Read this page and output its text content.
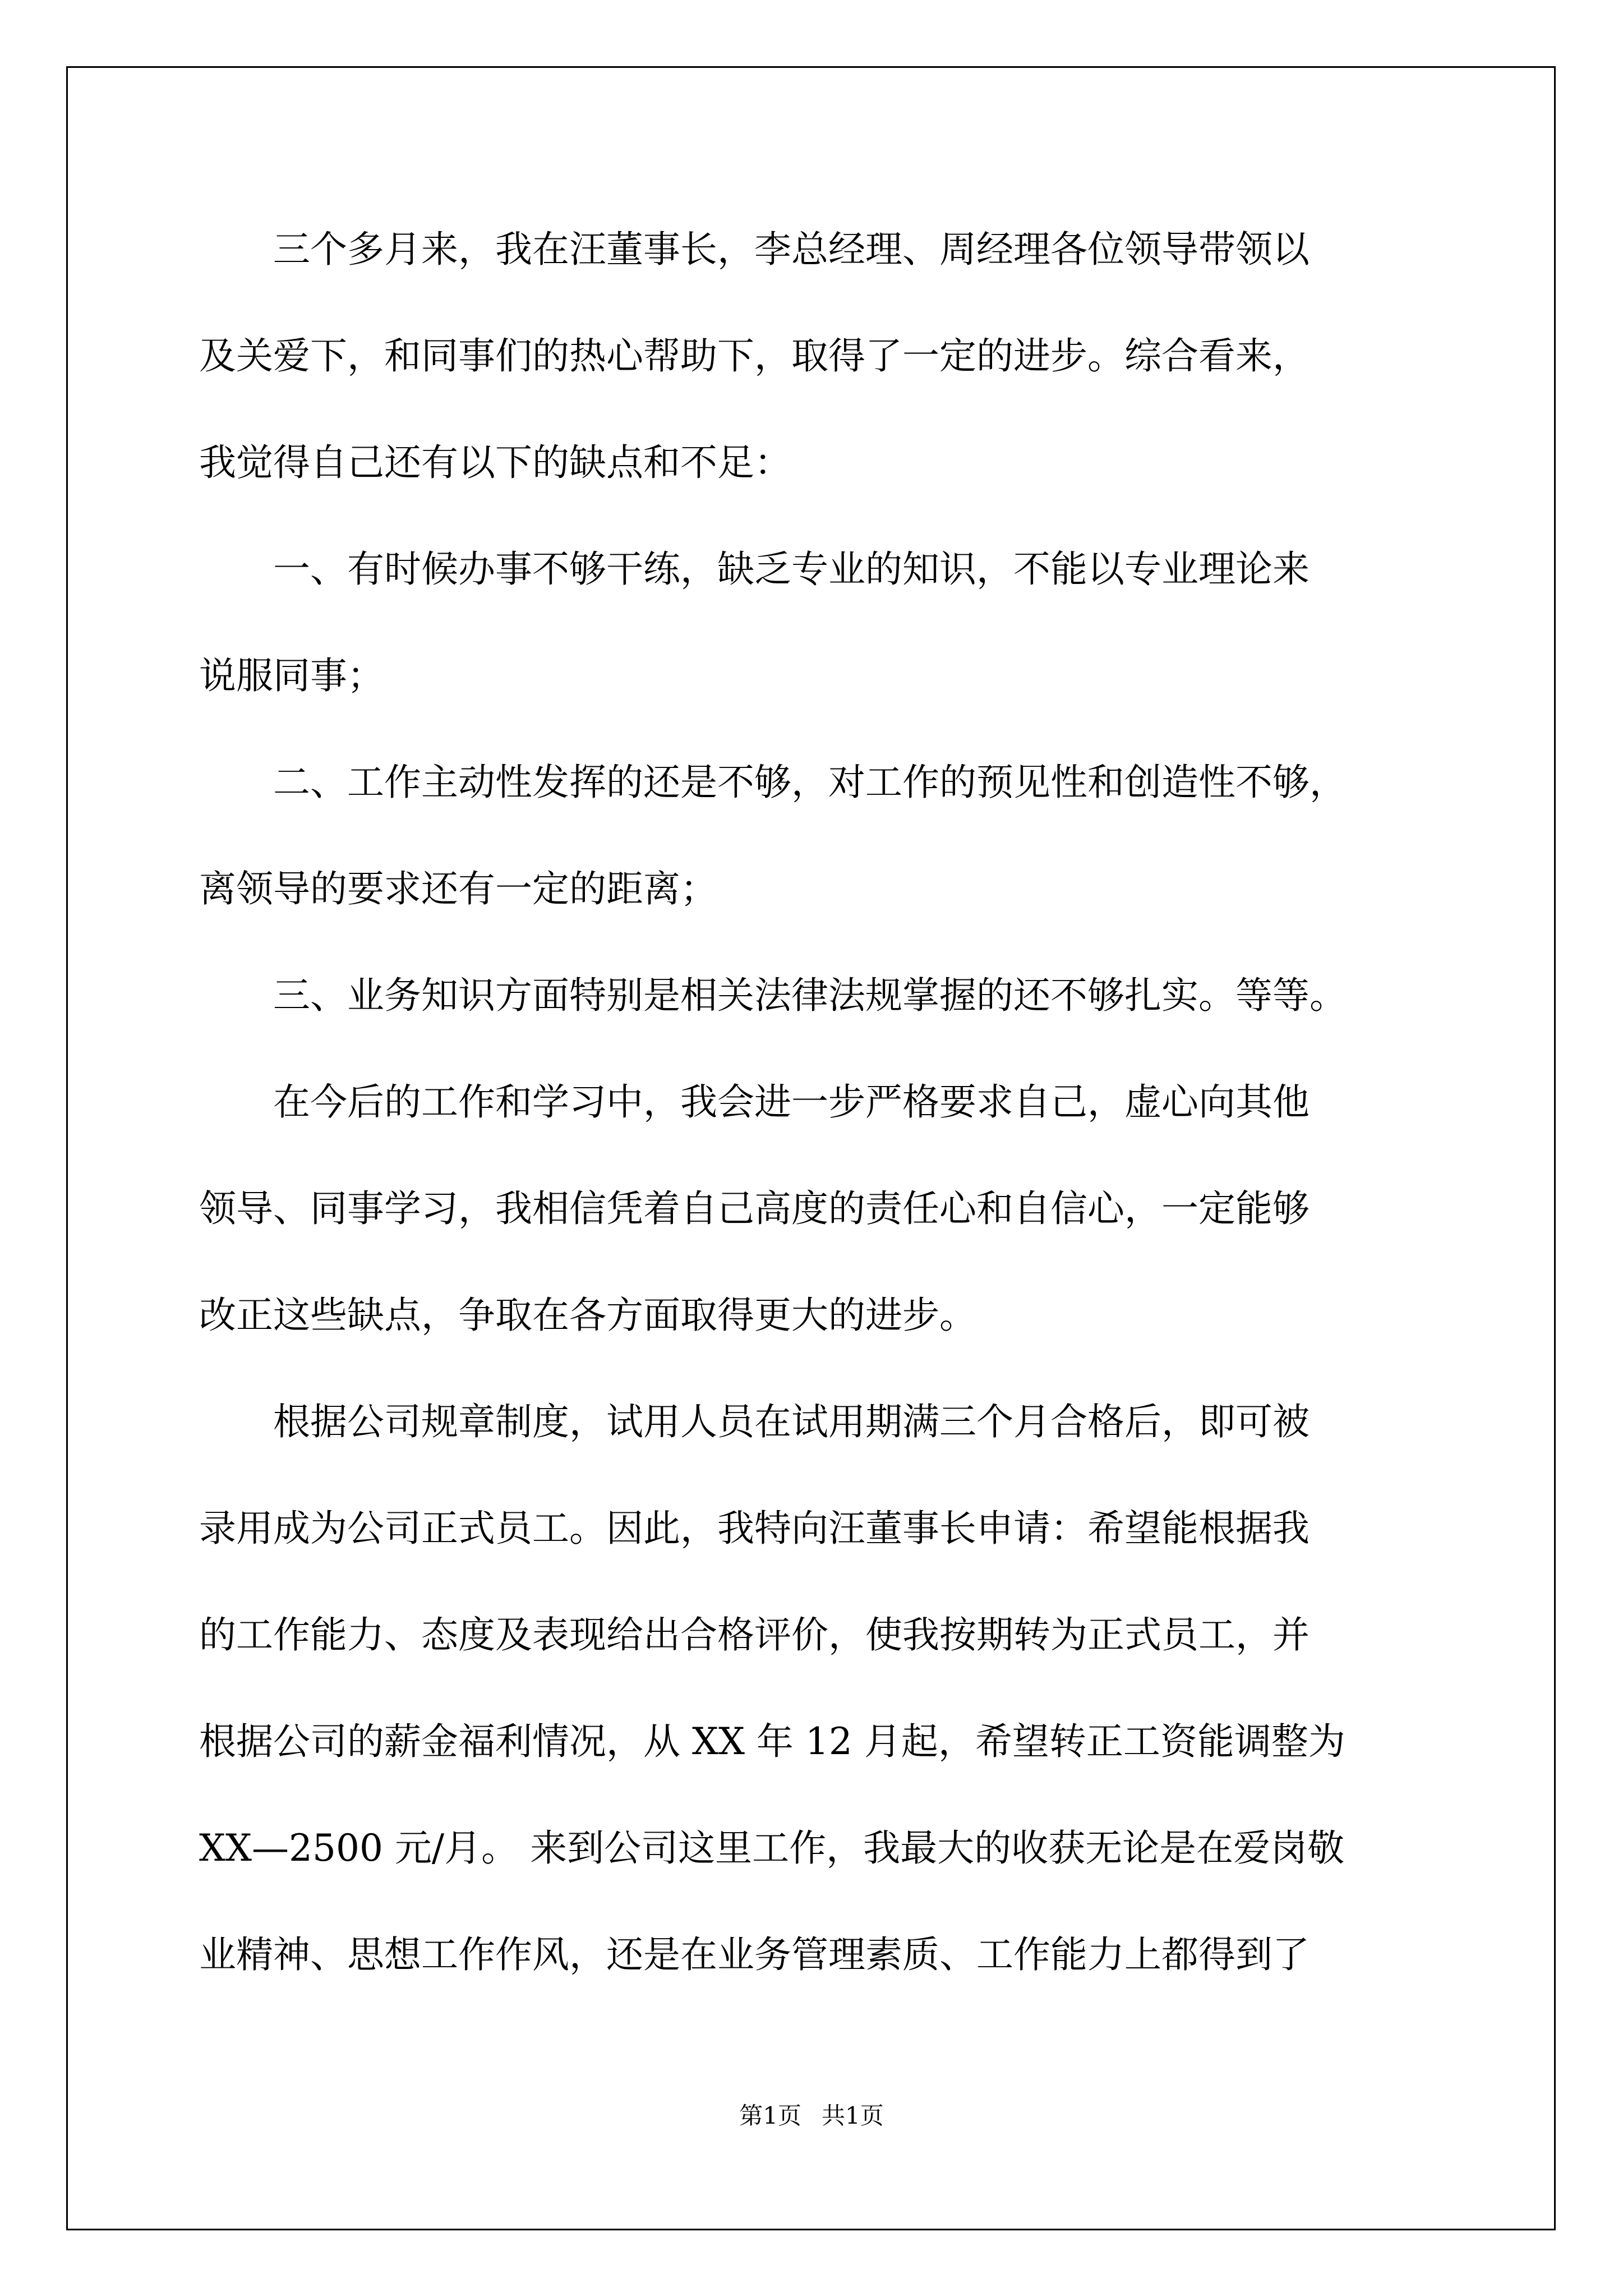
　　三个多月来，我在汪董事长，李总经理、周经理各位领导带领以
及关爱下，和同事们的热心帮助下，取得了一定的进步。综合看来，
我觉得自己还有以下的缺点和不足：
　　一、有时候办事不够干练，缺乏专业的知识，不能以专业理论来
说服同事；
　　二、工作主动性发挥的还是不够，对工作的预见性和创造性不够，
离领导的要求还有一定的距离；
　　三、业务知识方面特别是相关法律法规掌握的还不够扎实。等等。
　　在今后的工作和学习中，我会进一步严格要求自己，虚心向其他
领导、同事学习，我相信凭着自己高度的责任心和自信心，一定能够
改正这些缺点，争取在各方面取得更大的进步。
　　根据公司规章制度，试用人员在试用期满三个月合格后，即可被
录用成为公司正式员工。因此，我特向汪董事长申请：希望能根据我
的工作能力、态度及表现给出合格评价，使我按期转为正式员工，并
根据公司的薪金福利情况，从 XX 年 12 月起，希望转正工资能调整为
XX—2500 元/月。 来到公司这里工作，我最大的收获无论是在爱岗敬
业精神、思想工作作风，还是在业务管理素质、工作能力上都得到了
第1页 共1页
